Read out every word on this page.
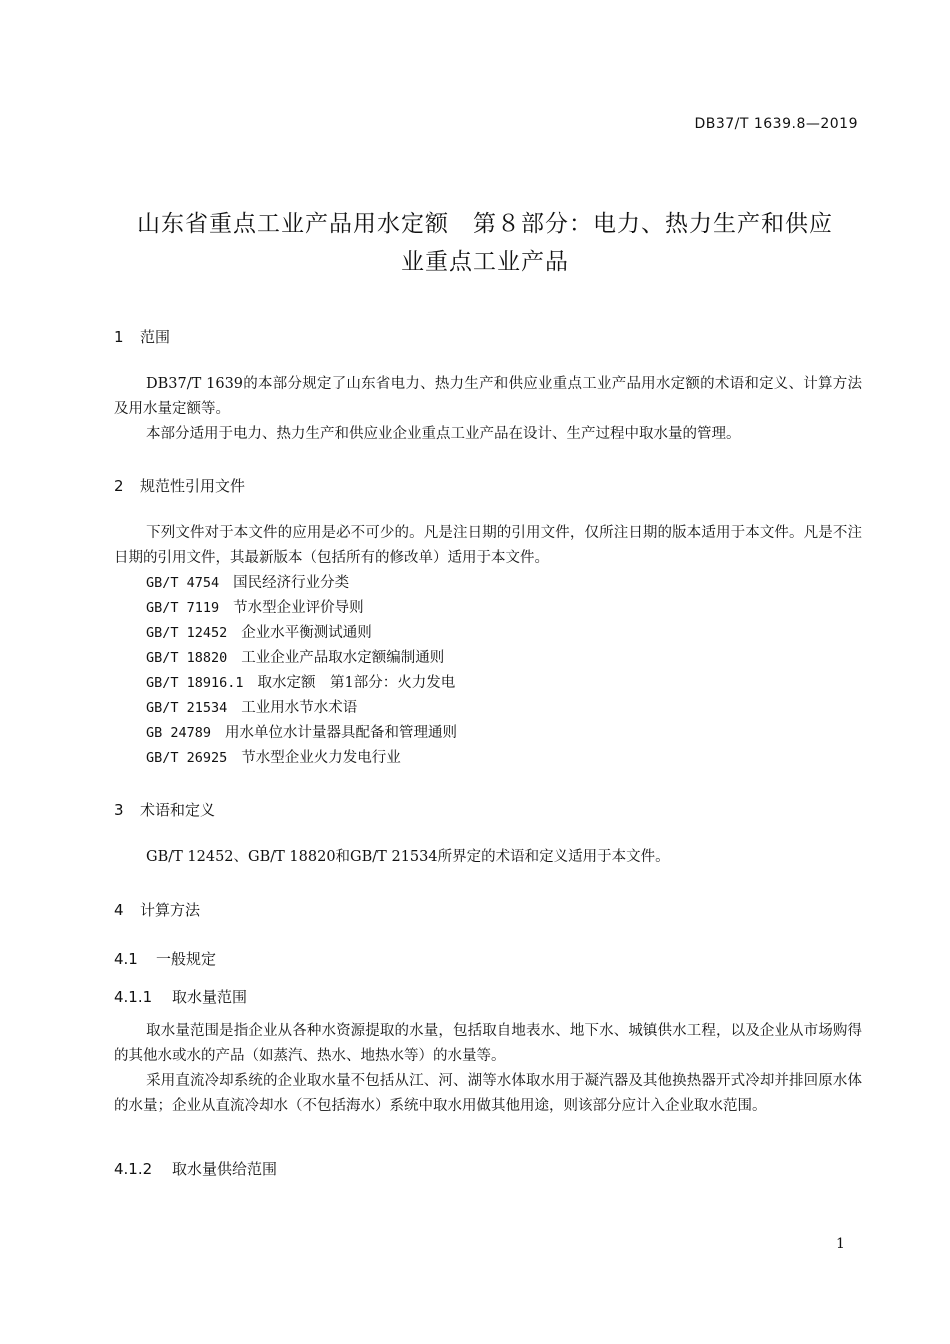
DB37/T 1639.8—2019
山东省重点工业产品用水定额　第８部分：电力、热力生产和供应
业重点工业产品
1 范围
DB37/T 1639的本部分规定了山东省电力、热力生产和供应业重点工业产品用水定额的术语和定义、计算方法及用水量定额等。
本部分适用于电力、热力生产和供应业企业重点工业产品在设计、生产过程中取水量的管理。
2 规范性引用文件
下列文件对于本文件的应用是必不可少的。凡是注日期的引用文件，仅所注日期的版本适用于本文件。凡是不注日期的引用文件，其最新版本（包括所有的修改单）适用于本文件。
GB/T 4754 国民经济行业分类
GB/T 7119 节水型企业评价导则
GB/T 12452 企业水平衡测试通则
GB/T 18820 工业企业产品取水定额编制通则
GB/T 18916.1 取水定额　第1部分：火力发电
GB/T 21534 工业用水节水术语
GB 24789 用水单位水计量器具配备和管理通则
GB/T 26925 节水型企业火力发电行业
3 术语和定义
GB/T 12452、GB/T 18820和GB/T 21534所界定的术语和定义适用于本文件。
4 计算方法
4.1 一般规定
4.1.1 取水量范围
取水量范围是指企业从各种水资源提取的水量，包括取自地表水、地下水、城镇供水工程，以及企业从市场购得的其他水或水的产品（如蒸汽、热水、地热水等）的水量等。
采用直流冷却系统的企业取水量不包括从江、河、湖等水体取水用于凝汽器及其他换热器开式冷却并排回原水体的水量；企业从直流冷却水（不包括海水）系统中取水用做其他用途，则该部分应计入企业取水范围。
4.1.2 取水量供给范围
1
